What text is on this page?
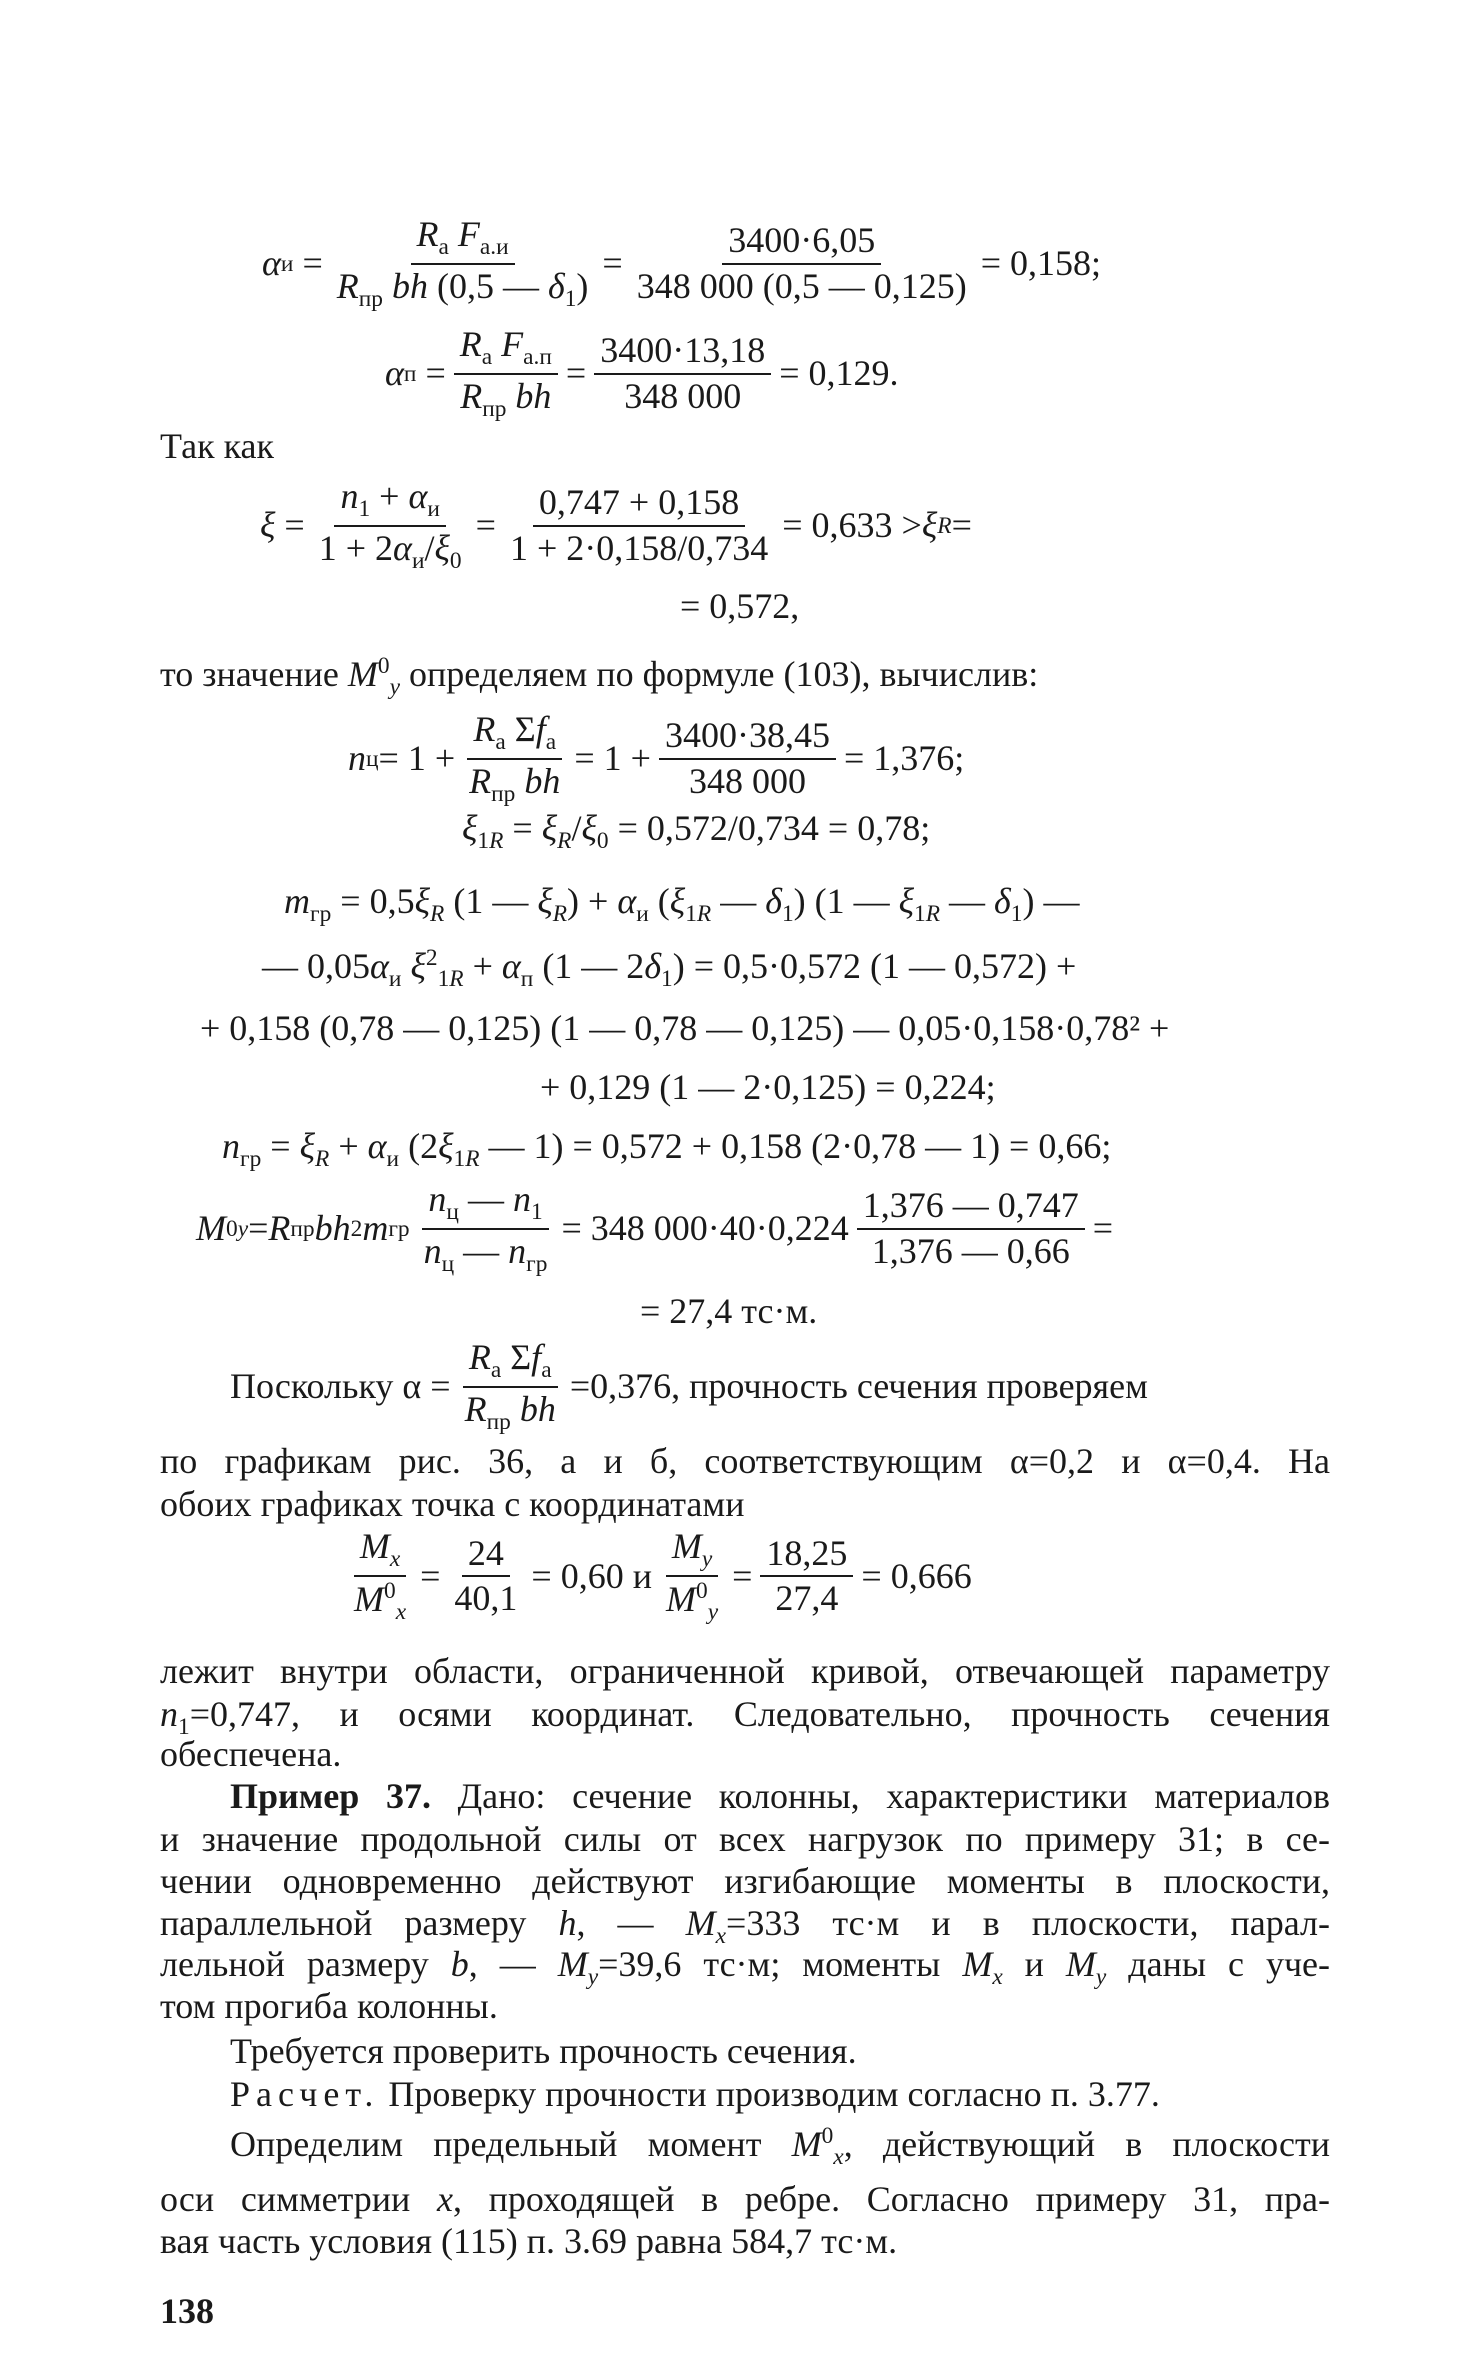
α $и = \frac{R_а F_{а.и}}{R_{пр} bh (0,5 — \delta_1)} = \frac{3400\cdot 6,05}{348 000 (0,5 — 0,125)} = 0,158$;
α $п = \frac{R_а F_{а.п}}{R_{пр} bh} = \frac{3400\cdot 13,18}{348 000} = 0,129$.
Так как
$\xi = \frac{n_1 + \alpha_и}{1 + 2\alpha_и/\xi_0} = \frac{0,747 + 0,158}{1 + 2\cdot 0,158/0,734} = 0,633 > \xi$ R =
= 0,572,
то значение $M^0_y$ определяем по формуле (103), вычислив:
n $ц = 1 + \frac{R_а \Sigma f_а}{R_{пр} bh} = 1 + \frac{3400\cdot 38,45}{348 000} = 1,376$;
$\xi_{1R} = \xi_R/\xi_0 = 0,572/0,734 = 0,78$;
$m_{гр} = 0,5\xi_R$ (1 — $\xi_R) + \alpha_и$ ($\xi_{1R}$ — $\delta_1$) (1 — $\xi_{1R}$ — $\delta_1$) —
— $0,05\alpha_и$ $\xi^2_{1R} + \alpha_п$ (1 — $2\delta_1) = 0,5\cdot 0,572$ (1 — 0,572) +
+ 0,158 (0,78 — 0,125) (1 — 0,78 — 0,125) — 0,05·0,158·0,78² +
+ 0,129 (1 — 2·0,125) = 0,224;
$n_{гр} = \xi_R + \alpha_и$ ($2\xi_{1R}$ — 1) = 0,572 + 0,158 (2·0,78 — 1) = 0,66;
M 0 y = R пр bh 2 m гр $\frac{n_ц — n_1}{n_ц — n_{гр}} = 348$ $000\cdot 40\cdot 0,224 \frac{1,376 — 0,747}{1,376 — 0,66}$ =
= 27,4 тс·м.
Поскольку $\alpha = \frac{R_а \Sigma f_а}{R_{пр} bh} =0,376$, прочность сечения проверяем
по графикам рис. 36, а и б, соответствующим α=0,2 и α=0,4. На
обоих графиках точка с координатами
$\frac{M_x}{M^0_x} = \frac{24}{40,1} = 0,60$ и $\frac{M_y}{M^0_y} = \frac{18,25}{27,4} = 0,666$
лежит внутри области, ограниченной кривой, отвечающей параметру
$n_1=0,747$, и осями координат. Следовательно, прочность сечения
обеспечена.
Пример 37. Дано: сечение колонны, характеристики материалов
и значение продольной силы от всех нагрузок по примеру 31; в се-
чении одновременно действуют изгибающие моменты в плоскости,
параллельной размеру h, — $M_x=333$ тс·м и в плоскости, парал-
лельной размеру b, — $M_y=39,6$ тс·м; моменты $M_x$ и $M_y$ даны с уче-
том прогиба колонны.
Требуется проверить прочность сечения.
Расчет. Проверку прочности производим согласно п. 3.77.
Определим предельный момент $M^0_x$, действующий в плоскости
оси симметрии x, проходящей в ребре. Согласно примеру 31, пра-
вая часть условия (115) п. 3.69 равна 584,7 тс·м.
138
